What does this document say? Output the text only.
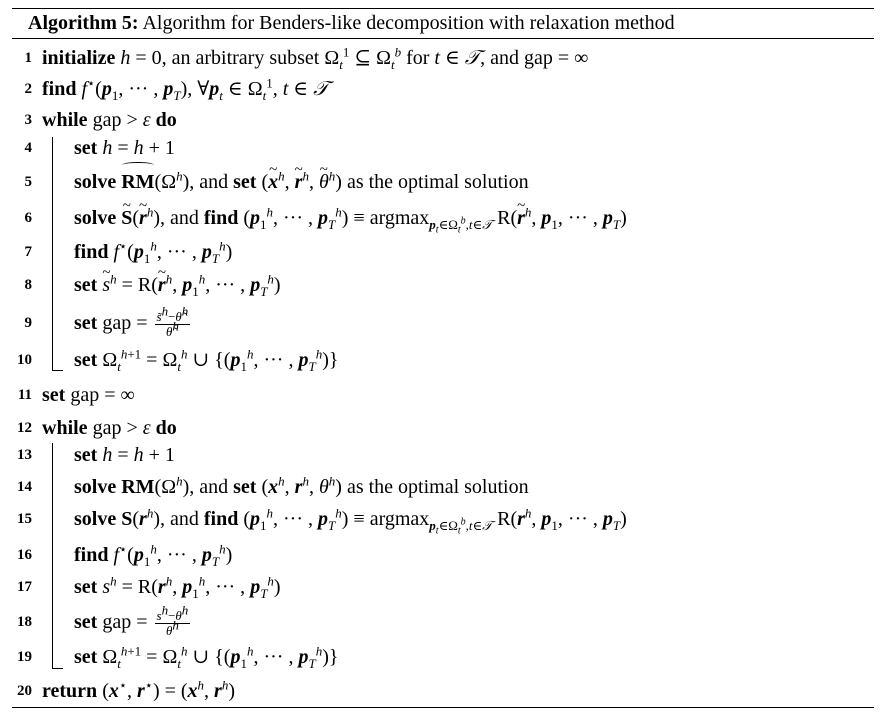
Algorithm 5: Algorithm for Benders-like decomposition with relaxation method
1
2
3
4
5
6
7
8
9
10
11
12
13
14
15
16
17
18
19
20
initialize h = 0, an arbitrary subset $\Omega_t^1$ ⊆ $\Omega_t^b$ for t ∈ 𝒯, and gap = ∞
find $f^⋆(p_1$, ··· , $p_T$), $\forall p_t$ ∈ $\Omega_t^1$, t ∈ 𝒯
while gap > ε do
set h = h + 1
solve $RM(\Omega^h)$, and set (~ $x^h$, ~ $r^h$, ~ $\theta^h$) as the optimal solution
solve ~ S(~ $r^h$), and find ($p_1^h$, ··· , $p_T^h) \equiv argmax_{p_t\in\Omega_t^b,t\in 𝒯}$ R(~ $r^h$, $p_1$, ··· , $p_T$)
find $f^⋆(p_1^h$, ··· , $p_T^h$)
set ~ $s^h$ = R(~ $r^h$, $p_1^h$, ··· , $p_T^h$)
set gap = $\frac{s̃^h-\thetã^h}{\thetã^h}$
set $\Omega_t^{h+1} = \Omega_t^h$ ∪ {($p_1^h$, ··· , $p_T^h$)}
set gap = ∞
while gap > ε do
set h = h + 1
solve $RM(\Omega^h)$, and set ($x^h$, $r^h$, $\theta^h$) as the optimal solution
solve $S(r^h)$, and find ($p_1^h$, ··· , $p_T^h) \equiv argmax_{p_t\in\Omega_t^b,t\in 𝒯}$ $R(r^h$, $p_1$, ··· , $p_T$)
find $f^⋆(p_1^h$, ··· , $p_T^h$)
set $s^h = R(r^h$, $p_1^h$, ··· , $p_T^h$)
set gap = $\frac{s^h-\theta^h}{\theta^h}$
set $\Omega_t^{h+1} = \Omega_t^h$ ∪ {($p_1^h$, ··· , $p_T^h$)}
return (x⋆, $r^⋆) = (x^h$, $r^h$)
